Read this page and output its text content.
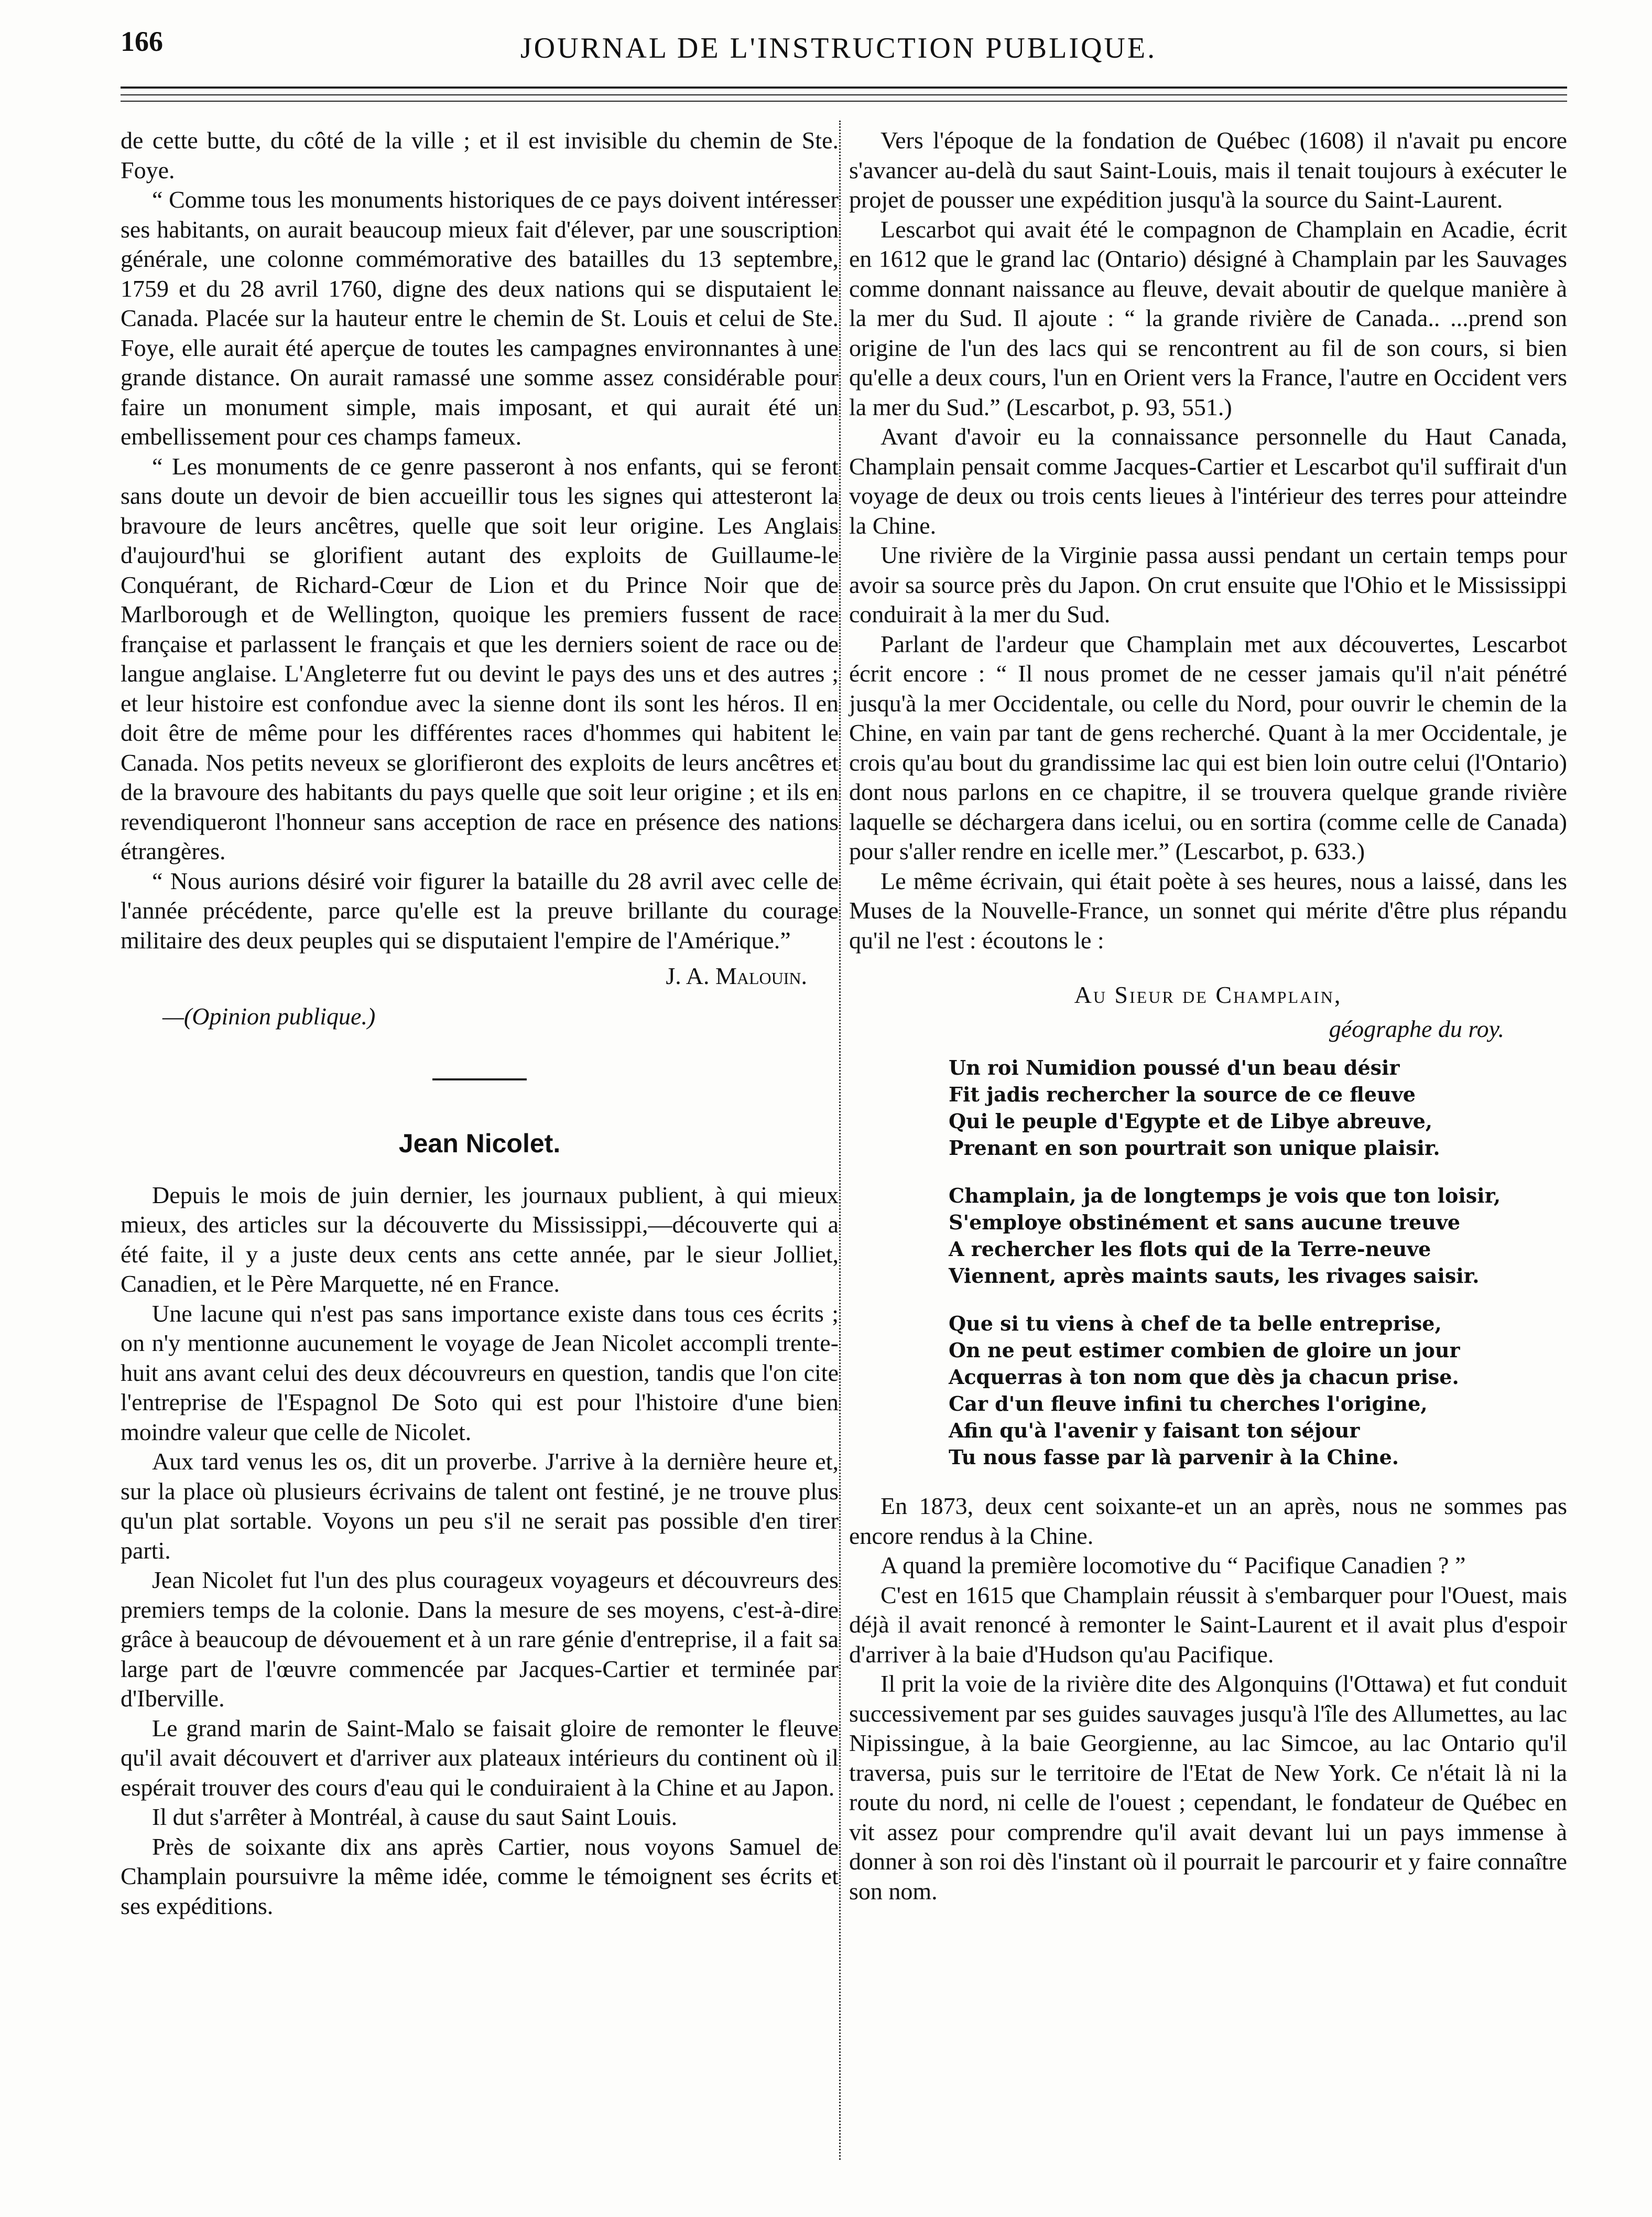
166	JOURNAL DE L'INSTRUCTION PUBLIQUE.

de cette butte, du côté de la ville ; et il est invisible du chemin de Ste. Foye.

“ Comme tous les monuments historiques de ce pays doivent intéresser ses habitants, on aurait beaucoup mieux fait d'élever, par une souscription générale, une colonne commémorative des batailles du 13 septembre, 1759 et du 28 avril 1760, digne des deux nations qui se disputaient le Canada. Placée sur la hauteur entre le chemin de St. Louis et celui de Ste. Foye, elle aurait été aperçue de toutes les campagnes environnantes à une grande distance. On aurait ramassé une somme assez considérable pour faire un monument simple, mais imposant, et qui aurait été un embellissement pour ces champs fameux.

“ Les monuments de ce genre passeront à nos enfants, qui se feront sans doute un devoir de bien accueillir tous les signes qui attesteront la bravoure de leurs ancêtres, quelle que soit leur origine. Les Anglais d'aujourd'hui se glorifient autant des exploits de Guillaume-le Conquérant, de Richard-Cœur de Lion et du Prince Noir que de Marlborough et de Wellington, quoique les premiers fussent de race française et parlassent le français et que les derniers soient de race ou de langue anglaise. L'Angleterre fut ou devint le pays des uns et des autres ; et leur histoire est confondue avec la sienne dont ils sont les héros. Il en doit être de même pour les différentes races d'hommes qui habitent le Canada. Nos petits neveux se glorifieront des exploits de leurs ancêtres et de la bravoure des habitants du pays quelle que soit leur origine ; et ils en revendiqueront l'honneur sans acception de race en présence des nations étrangères.

“ Nous aurions désiré voir figurer la bataille du 28 avril avec celle de l'année précédente, parce qu'elle est la preuve brillante du courage militaire des deux peuples qui se disputaient l'empire de l'Amérique.”

J. A. Malouin.
—(Opinion publique.)
Jean Nicolet.

Depuis le mois de juin dernier, les journaux publient, à qui mieux mieux, des articles sur la découverte du Mississippi,—découverte qui a été faite, il y a juste deux cents ans cette année, par le sieur Jolliet, Canadien, et le Père Marquette, né en France.

Une lacune qui n'est pas sans importance existe dans tous ces écrits ; on n'y mentionne aucunement le voyage de Jean Nicolet accompli trente-huit ans avant celui des deux découvreurs en question, tandis que l'on cite l'entreprise de l'Espagnol De Soto qui est pour l'histoire d'une bien moindre valeur que celle de Nicolet.

Aux tard venus les os, dit un proverbe. J'arrive à la dernière heure et, sur la place où plusieurs écrivains de talent ont festiné, je ne trouve plus qu'un plat sortable. Voyons un peu s'il ne serait pas possible d'en tirer parti.

Jean Nicolet fut l'un des plus courageux voyageurs et découvreurs des premiers temps de la colonie. Dans la mesure de ses moyens, c'est-à-dire grâce à beaucoup de dévouement et à un rare génie d'entreprise, il a fait sa large part de l'œuvre commencée par Jacques-Cartier et terminée par d'Iberville.

Le grand marin de Saint-Malo se faisait gloire de remonter le fleuve qu'il avait découvert et d'arriver aux plateaux intérieurs du continent où il espérait trouver des cours d'eau qui le conduiraient à la Chine et au Japon.

Il dut s'arrêter à Montréal, à cause du saut Saint Louis.

Près de soixante dix ans après Cartier, nous voyons Samuel de Champlain poursuivre la même idée, comme le témoignent ses écrits et ses expéditions.

Vers l'époque de la fondation de Québec (1608) il n'avait pu encore s'avancer au-delà du saut Saint-Louis, mais il tenait toujours à exécuter le projet de pousser une expédition jusqu'à la source du Saint-Laurent.

Lescarbot qui avait été le compagnon de Champlain en Acadie, écrit en 1612 que le grand lac (Ontario) désigné à Champlain par les Sauvages comme donnant naissance au fleuve, devait aboutir de quelque manière à la mer du Sud. Il ajoute : “ la grande rivière de Canada.. ...prend son origine de l'un des lacs qui se rencontrent au fil de son cours, si bien qu'elle a deux cours, l'un en Orient vers la France, l'autre en Occident vers la mer du Sud.” (Lescarbot, p. 93, 551.)

Avant d'avoir eu la connaissance personnelle du Haut Canada, Champlain pensait comme Jacques-Cartier et Lescarbot qu'il suffirait d'un voyage de deux ou trois cents lieues à l'intérieur des terres pour atteindre la Chine.

Une rivière de la Virginie passa aussi pendant un certain temps pour avoir sa source près du Japon. On crut ensuite que l'Ohio et le Mississippi conduirait à la mer du Sud.

Parlant de l'ardeur que Champlain met aux découvertes, Lescarbot écrit encore : “ Il nous promet de ne cesser jamais qu'il n'ait pénétré jusqu'à la mer Occidentale, ou celle du Nord, pour ouvrir le chemin de la Chine, en vain par tant de gens recherché. Quant à la mer Occidentale, je crois qu'au bout du grandissime lac qui est bien loin outre celui (l'Ontario) dont nous parlons en ce chapitre, il se trouvera quelque grande rivière laquelle se déchargera dans icelui, ou en sortira (comme celle de Canada) pour s'aller rendre en icelle mer.” (Lescarbot, p. 633.)

Le même écrivain, qui était poète à ses heures, nous a laissé, dans les Muses de la Nouvelle-France, un sonnet qui mérite d'être plus répandu qu'il ne l'est : écoutons le :

Au Sieur de Champlain,
géographe du roy.
Un roi Numidion poussé d'un beau désir
Fit jadis rechercher la source de ce fleuve
Qui le peuple d'Egypte et de Libye abreuve,
Prenant en son pourtrait son unique plaisir.
Champlain, ja de longtemps je vois que ton loisir,
S'employe obstinément et sans aucune treuve
A rechercher les flots qui de la Terre-neuve
Viennent, après maints sauts, les rivages saisir.
Que si tu viens à chef de ta belle entreprise,
On ne peut estimer combien de gloire un jour
Acquerras à ton nom que dès ja chacun prise.
Car d'un fleuve infini tu cherches l'origine,
Afin qu'à l'avenir y faisant ton séjour
Tu nous fasse par là parvenir à la Chine.

En 1873, deux cent soixante-et un an après, nous ne sommes pas encore rendus à la Chine.

A quand la première locomotive du “ Pacifique Canadien ? ”

C'est en 1615 que Champlain réussit à s'embarquer pour l'Ouest, mais déjà il avait renoncé à remonter le Saint-Laurent et il avait plus d'espoir d'arriver à la baie d'Hudson qu'au Pacifique.

Il prit la voie de la rivière dite des Algonquins (l'Ottawa) et fut conduit successivement par ses guides sauvages jusqu'à l'île des Allumettes, au lac Nipissingue, à la baie Georgienne, au lac Simcoe, au lac Ontario qu'il traversa, puis sur le territoire de l'Etat de New York. Ce n'était là ni la route du nord, ni celle de l'ouest ; cependant, le fondateur de Québec en vit assez pour comprendre qu'il avait devant lui un pays immense à donner à son roi dès l'instant où il pourrait le parcourir et y faire connaître son nom.
